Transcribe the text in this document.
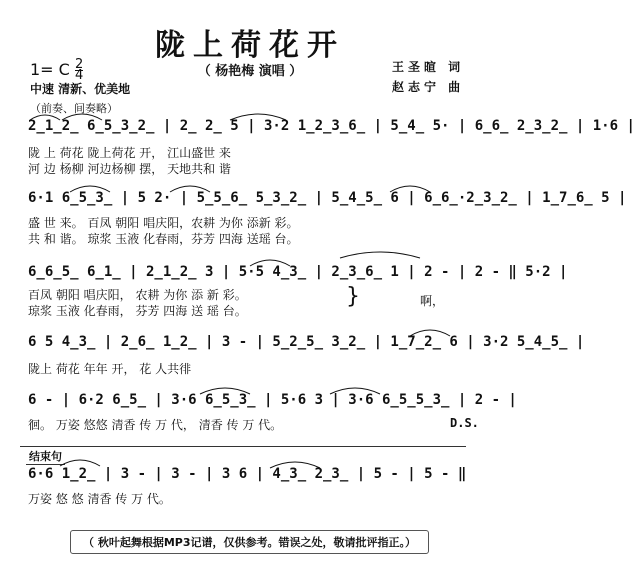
陇上荷花开
（ 杨艳梅 演唱 ）	王圣暄 词
赵志宁 曲
1= C $\frac{2}{4}$
中速 清新、优美地
（前奏、间奏略）
2̲1̲2̲ 6̲5̲3̲2̲ | 2̲ 2̲ 5 | 3·2 1̲2̲3̲6̲ | 5̲4̲ 5· | 6̲6̲ 2̲3̲2̲ | 1·6 |
陇 上 荷花 陇上荷花 开， 江山盛世 来
河 边 杨柳 河边杨柳 摆， 天地共和 谐
6·1 6̲5̲3̲ | 5 2· | 5̲5̲6̲ 5̲3̲2̲ | 5̲4̲5̲ 6 | 6̲6̲·2̲3̲2̲ | 1̲7̲6̲ 5 |
盛 世 来。 百凤 朝阳 唱庆阳，农耕 为你 添新 彩。
共 和 谐。 琼浆 玉液 化春雨，芬芳 四海 送瑶 台。
6̲6̲5̲ 6̲1̲ | 2̲1̲2̲ 3 | 5·5 4̲3̲ | 2̲3̲6̲ 1 | 2 - | 2 - ‖ 5·2 |
百凤 朝阳 唱庆阳， 农耕 为你 添 新 彩。
琼浆 玉液 化春雨， 芬芳 四海 送 瑶 台。
}	啊，
6 5 4̲3̲ | 2̲6̲ 1̲2̲ | 3 - | 5̲2̲5̲ 3̲2̲ | 1̲7̲2̲ 6 | 3·2 5̲4̲5̲ |
陇上 荷花 年年 开， 花 人共徘
6 - | 6·2 6̲5̲ | 3·6 6̲5̲3̲ | 5·6 3 | 3·6 6̲5̲5̲3̲ | 2 - |
徊。 万姿 悠悠 清香 传 万 代， 清香 传 万 代。	D.S.
结束句
6·6 1̲2̲ | 3 - | 3 - | 3 6 | 4̲3̲ 2̲3̲ | 5 - | 5 - ‖
万姿 悠 悠 清香 传 万 代。
（ 秋叶起舞根据MP3记谱，仅供参考。错误之处，敬请批评指正。）
